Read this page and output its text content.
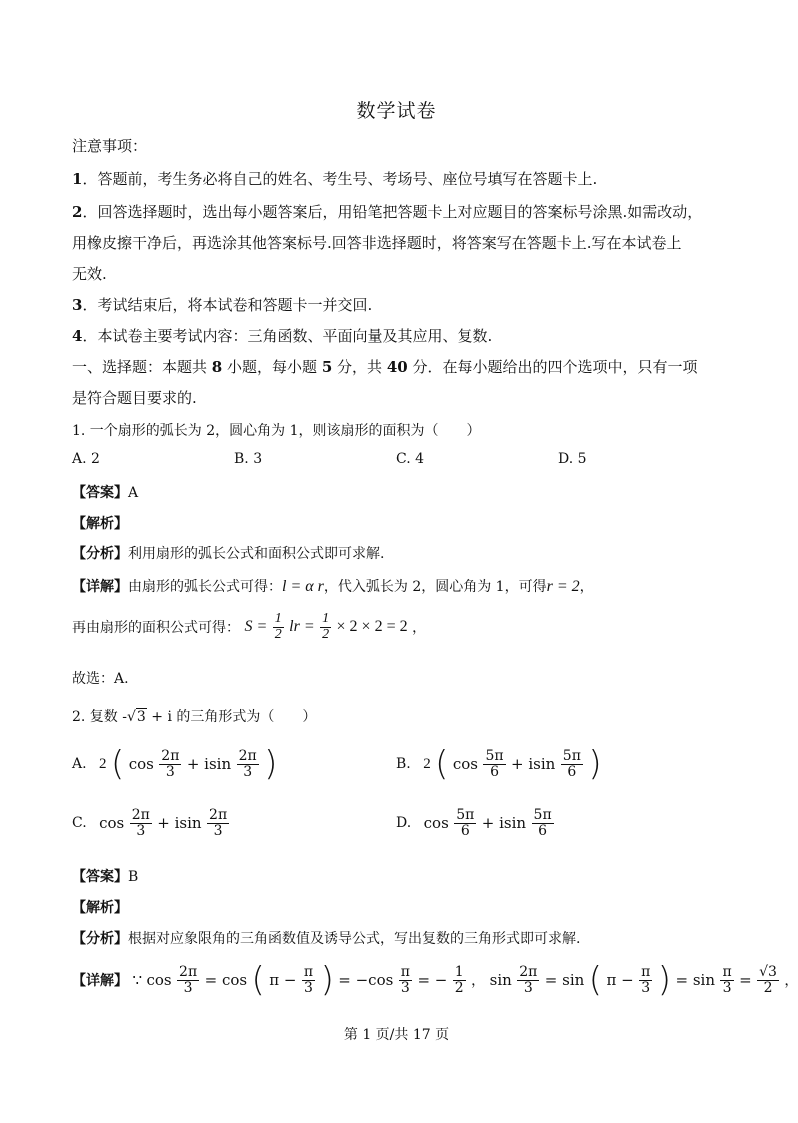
数学试卷
注意事项：
1．答题前，考生务必将自己的姓名、考生号、考场号、座位号填写在答题卡上.
2．回答选择题时，选出每小题答案后，用铅笔把答题卡上对应题目的答案标号涂黑.如需改动，
用橡皮擦干净后，再选涂其他答案标号.回答非选择题时，将答案写在答题卡上.写在本试卷上
无效.
3．考试结束后，将本试卷和答题卡一并交回.
4．本试卷主要考试内容：三角函数、平面向量及其应用、复数.
一、选择题：本题共 8 小题，每小题 5 分，共 40 分．在每小题给出的四个选项中，只有一项
是符合题目要求的.
1. 一个扇形的弧长为 2，圆心角为 1，则该扇形的面积为（　　）
A. 2	B. 3	C. 4	D. 5
【答案】A
【解析】
【分析】利用扇形的弧长公式和面积公式即可求解.
【详解】由扇形的弧长公式可得：l = α r，代入弧长为 2，圆心角为 1，可得r = 2，
再由扇形的面积公式可得： $S = \frac{1}{2}$ lr = $\frac{1}{2} \times 2 \times 2 = 2$ ，
故选：A.
2. 复数 -√3 + i 的三角形式为（　　）
A. 2 ( $\cos \frac{2\pi}{3} + isin \frac{2\pi}{3}$ )	B. 2 ( $\cos \frac{5\pi}{6} + isin \frac{5\pi}{6}$ )
C. $\cos \frac{2\pi}{3} + isin \frac{2\pi}{3}$	D. $\cos \frac{5\pi}{6} + isin \frac{5\pi}{6}$
【答案】B
【解析】
【分析】根据对应象限角的三角函数值及诱导公式，写出复数的三角形式即可求解.
【详解】 ∵ $\cos \frac{2\pi}{3} = \cos$ ( $\pi - \frac{\pi}{3}$ ) = $-\cos \frac{\pi}{3}$ = − $\frac{1}{2}$ ， $\sin \frac{2\pi}{3} = \sin$ ( $\pi - \frac{\pi}{3}$ ) = $\sin \frac{\pi}{3} = \frac{√3}{2}$ ，
第 1 页/共 17 页
